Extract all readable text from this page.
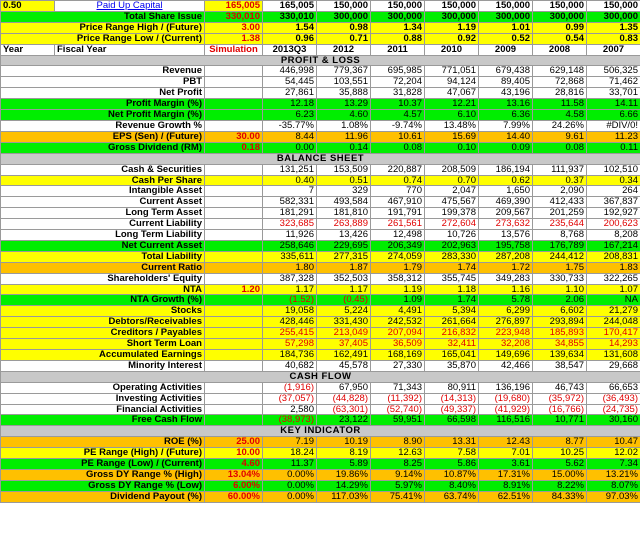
0.50	Paid Up Capital	165,005	165,005	150,000	150,000	150,000	150,000	150,000	150,000
Total Share Issue		330,010	330,010	300,000	300,000	300,000	300,000	300,000	300,000
Price Range High / (Future)		3.00	1.54	0.98	1.34	1.19	1.01	0.99	1.35
Price Range Low / (Current)		1.38	0.96	0.71	0.88	0.92	0.52	0.54	0.83
Year	Fiscal Year	Simulation	2013Q3	2012	2011	2010	2009	2008	2007
PROFIT & LOSS									
Revenue			446,998	779,367	695,985	771,051	679,438	629,148	506,325
PBT			54,445	103,551	72,204	94,124	89,405	72,868	71,462
Net Profit			27,861	35,888	31,828	47,067	43,196	28,816	33,701
Profit Margin (%)			12.18	13.29	10.37	12.21	13.16	11.58	14.11
Net Profit Margin (%)			6.23	4.60	4.57	6.10	6.36	4.58	6.66
Revenue Growth %			-35.77%	1.08%	-9.74%	13.48%	7.99%	24.26%	#DIV/0!
EPS (Sen) / (Future)		30.00	8.44	11.96	10.61	15.69	14.40	9.61	11.23
Gross Dividend (RM)		0.18	0.00	0.14	0.08	0.10	0.09	0.08	0.11
BALANCE SHEET									
Cash & Securities			131,251	153,509	220,887	208,509	186,194	111,937	102,510
Cash Per Share			0.40	0.51	0.74	0.70	0.62	0.37	0.34
Intangible Asset			7	329	770	2,047	1,650	2,090	264
Current Asset			582,331	493,584	467,910	475,567	469,390	412,433	367,837
Long Term Asset			181,291	181,810	191,791	199,378	209,567	201,259	192,927
Current Liability			323,685	263,889	261,561	272,604	273,632	235,644	200,623
Long Term Liability			11,926	13,426	12,498	10,726	13,576	8,768	8,208
Net Current Asset			258,646	229,695	206,349	202,963	195,758	176,789	167,214
Total Liability			335,611	277,315	274,059	283,330	287,208	244,412	208,831
Current Ratio			1.80	1.87	1.79	1.74	1.72	1.75	1.83
Shareholders' Equity			387,328	352,503	358,312	355,745	349,283	330,733	322,265
NTA		1.20	1.17	1.17	1.19	1.18	1.16	1.10	1.07
NTA Growth (%)			(1.52)	(0.45)	1.09	1.74	5.78	2.06	NA
Stocks			19,058	5,224	4,491	5,394	6,299	6,602	21,279
Debtors/Receivables			428,446	331,430	242,532	261,664	276,897	293,894	244,048
Creditors / Payables			255,415	213,049	207,094	216,832	223,948	185,893	170,417
Short Term Loan			57,298	37,405	36,509	32,411	32,208	34,855	14,293
Accumulated Earnings			184,736	162,491	168,169	165,041	149,696	139,634	131,608
Minority Interest			40,682	45,578	27,330	35,870	42,466	38,547	29,668
CASH FLOW									
Operating Activities			(1,916)	67,950	71,343	80,911	136,196	46,743	66,653
Investing Activities			(37,057)	(44,828)	(11,392)	(14,313)	(19,680)	(35,972)	(36,493)
Financial Activities			2,580	(63,301)	(52,740)	(49,337)	(41,929)	(16,766)	(24,735)
Free Cash Flow			(38,973)	23,122	59,951	66,598	116,516	10,771	30,160
KEY INDICATOR									
ROE (%)		25.00	7.19	10.19	8.90	13.31	12.43	8.77	10.47
PE Range (High) / (Future)		10.00	18.24	8.19	12.63	7.58	7.01	10.25	12.02
PE Range (Low) / (Current)		4.60	11.37	5.89	8.25	5.86	3.61	5.62	7.34
Gross DY Range % (High)		13.04%	0.00%	19.86%	9.14%	10.87%	17.31%	15.00%	13.21%
Gross DY Range % (Low)		6.00%	0.00%	14.29%	5.97%	8.40%	8.91%	8.22%	8.07%
Dividend Payout (%)		60.00%	0.00%	117.03%	75.41%	63.74%	62.51%	84.33%	97.03%
